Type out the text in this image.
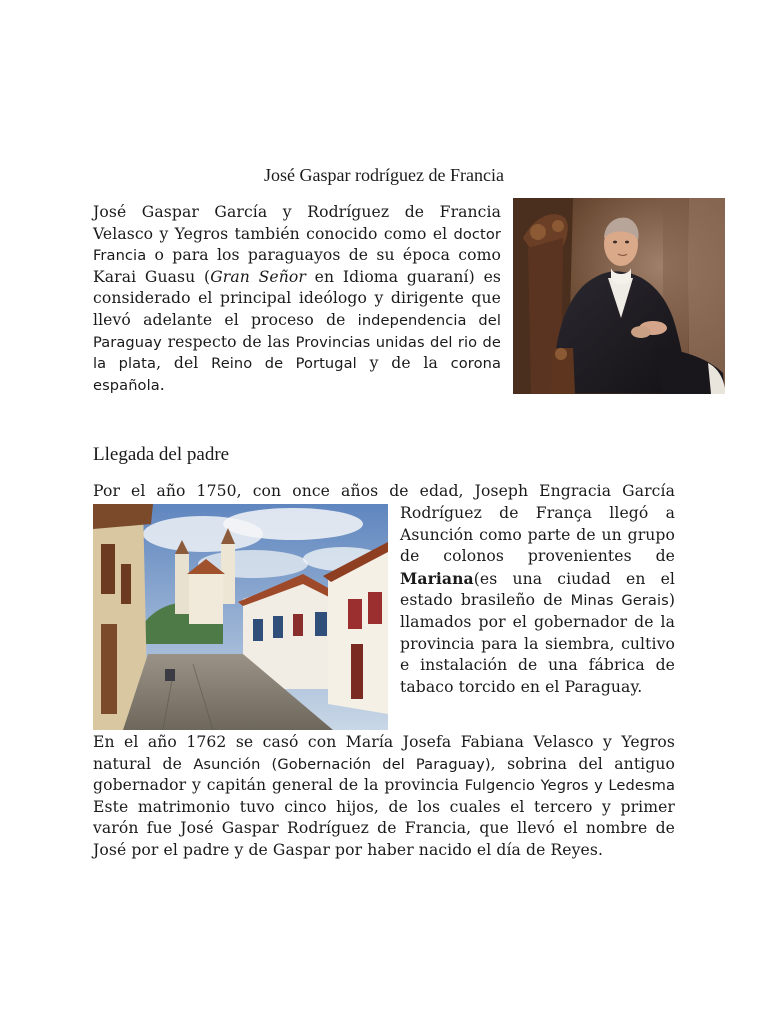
José Gaspar rodríguez de Francia
José Gaspar García y Rodríguez de Francia Velasco y Yegros también conocido como el doctor Francia o para los paraguayos de su época como Karai Guasu (Gran Señor en Idioma guaraní) es considerado el principal ideólogo y dirigente que llevó adelante el proceso de independencia del Paraguay respecto de las Provincias unidas del rio de la plata, del Reino de Portugal y de la corona española.
Llegada del padre
Por el año 1750, con once años de edad, Joseph Engracia García
Rodríguez de França llegó a Asunción como parte de un grupo de colonos provenientes de Mariana(es una ciudad en el estado brasileño de Minas Gerais) llamados por el gobernador de la provincia para la siembra, cultivo e instalación de una fábrica de tabaco torcido en el Paraguay.
En el año 1762 se casó con María Josefa Fabiana Velasco y Yegros natural de Asunción (Gobernación del Paraguay), sobrina del antiguo gobernador y capitán general de la provincia Fulgencio Yegros y Ledesma Este matrimonio tuvo cinco hijos, de los cuales el tercero y primer varón fue José Gaspar Rodríguez de Francia, que llevó el nombre de José por el padre y de Gaspar por haber nacido el día de Reyes.
